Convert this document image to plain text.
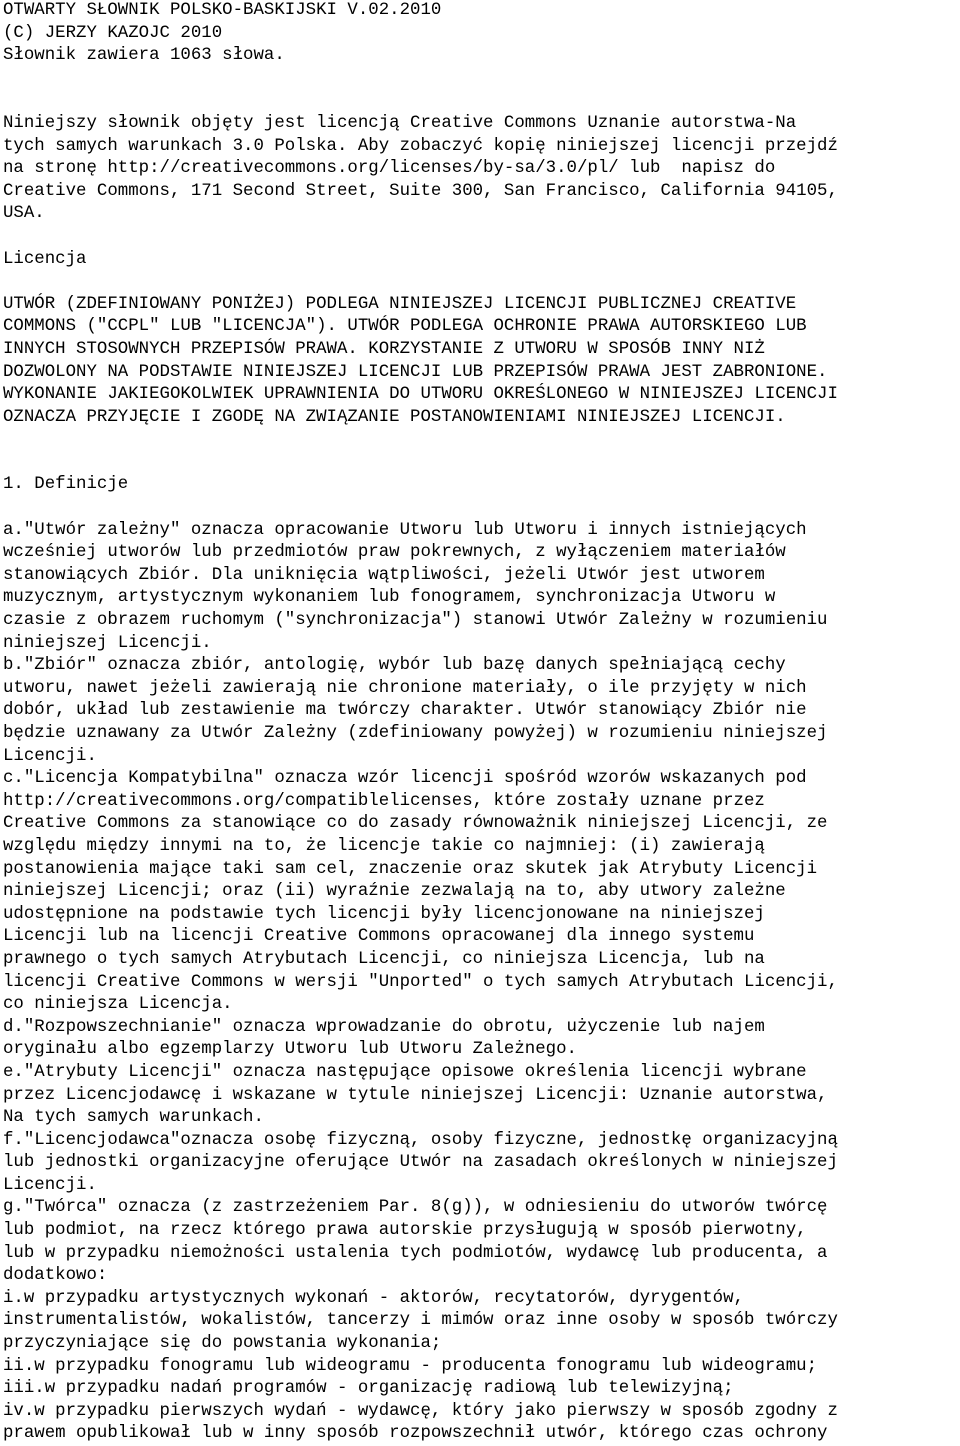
OTWARTY SŁOWNIK POLSKO-BASKIJSKI V.02.2010
(C) JERZY KAZOJC 2010
Słownik zawiera 1063 słowa.
Niniejszy słownik objęty jest licencją Creative Commons Uznanie autorstwa-Na
tych samych warunkach 3.0 Polska. Aby zobaczyć kopię niniejszej licencji przejdź
na stronę http://creativecommons.org/licenses/by-sa/3.0/pl/ lub  napisz do
Creative Commons, 171 Second Street, Suite 300, San Francisco, California 94105,
USA.
Licencja
UTWÓR (ZDEFINIOWANY PONIŻEJ) PODLEGA NINIEJSZEJ LICENCJI PUBLICZNEJ CREATIVE
COMMONS ("CCPL" LUB "LICENCJA"). UTWÓR PODLEGA OCHRONIE PRAWA AUTORSKIEGO LUB
INNYCH STOSOWNYCH PRZEPISÓW PRAWA. KORZYSTANIE Z UTWORU W SPOSÓB INNY NIŻ
DOZWOLONY NA PODSTAWIE NINIEJSZEJ LICENCJI LUB PRZEPISÓW PRAWA JEST ZABRONIONE.
WYKONANIE JAKIEGOKOLWIEK UPRAWNIENIA DO UTWORU OKREŚLONEGO W NINIEJSZEJ LICENCJI
OZNACZA PRZYJĘCIE I ZGODĘ NA ZWIĄZANIE POSTANOWIENIAMI NINIEJSZEJ LICENCJI.
1. Definicje
a."Utwór zależny" oznacza opracowanie Utworu lub Utworu i innych istniejących
wcześniej utworów lub przedmiotów praw pokrewnych, z wyłączeniem materiałów
stanowiących Zbiór. Dla uniknięcia wątpliwości, jeżeli Utwór jest utworem
muzycznym, artystycznym wykonaniem lub fonogramem, synchronizacja Utworu w
czasie z obrazem ruchomym ("synchronizacja") stanowi Utwór Zależny w rozumieniu
niniejszej Licencji.
b."Zbiór" oznacza zbiór, antologię, wybór lub bazę danych spełniającą cechy
utworu, nawet jeżeli zawierają nie chronione materiały, o ile przyjęty w nich
dobór, układ lub zestawienie ma twórczy charakter. Utwór stanowiący Zbiór nie
będzie uznawany za Utwór Zależny (zdefiniowany powyżej) w rozumieniu niniejszej
Licencji.
c."Licencja Kompatybilna" oznacza wzór licencji spośród wzorów wskazanych pod
http://creativecommons.org/compatiblelicenses, które zostały uznane przez
Creative Commons za stanowiące co do zasady równoważnik niniejszej Licencji, ze
względu między innymi na to, że licencje takie co najmniej: (i) zawierają
postanowienia mające taki sam cel, znaczenie oraz skutek jak Atrybuty Licencji
niniejszej Licencji; oraz (ii) wyraźnie zezwalają na to, aby utwory zależne
udostępnione na podstawie tych licencji były licencjonowane na niniejszej
Licencji lub na licencji Creative Commons opracowanej dla innego systemu
prawnego o tych samych Atrybutach Licencji, co niniejsza Licencja, lub na
licencji Creative Commons w wersji "Unported" o tych samych Atrybutach Licencji,
co niniejsza Licencja.
d."Rozpowszechnianie" oznacza wprowadzanie do obrotu, użyczenie lub najem
oryginału albo egzemplarzy Utworu lub Utworu Zależnego.
e."Atrybuty Licencji" oznacza następujące opisowe określenia licencji wybrane
przez Licencjodawcę i wskazane w tytule niniejszej Licencji: Uznanie autorstwa,
Na tych samych warunkach.
f."Licencjodawca"oznacza osobę fizyczną, osoby fizyczne, jednostkę organizacyjną
lub jednostki organizacyjne oferujące Utwór na zasadach określonych w niniejszej
Licencji.
g."Twórca" oznacza (z zastrzeżeniem Par. 8(g)), w odniesieniu do utworów twórcę
lub podmiot, na rzecz którego prawa autorskie przysługują w sposób pierwotny,
lub w przypadku niemożności ustalenia tych podmiotów, wydawcę lub producenta, a
dodatkowo:
i.w przypadku artystycznych wykonań - aktorów, recytatorów, dyrygentów,
instrumentalistów, wokalistów, tancerzy i mimów oraz inne osoby w sposób twórczy
przyczyniające się do powstania wykonania;
ii.w przypadku fonogramu lub wideogramu - producenta fonogramu lub wideogramu;
iii.w przypadku nadań programów - organizację radiową lub telewizyjną;
iv.w przypadku pierwszych wydań - wydawcę, który jako pierwszy w sposób zgodny z
prawem opublikował lub w inny sposób rozpowszechnił utwór, którego czas ochrony
